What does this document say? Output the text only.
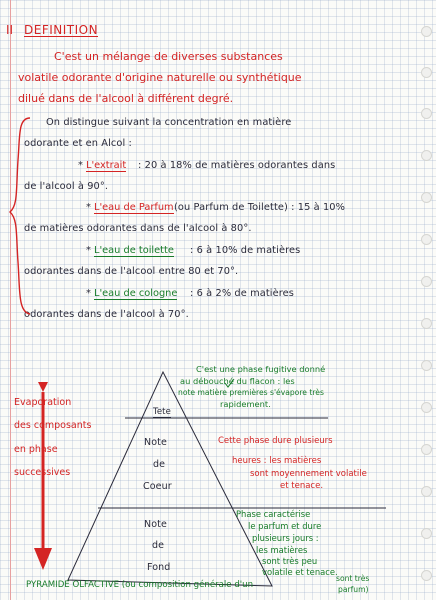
II DEFINITION
C'est un mélange de diverses substances
volatile odorante d'origine naturelle ou synthétique
dilué dans de l'alcool à différent degré.
On distingue suivant la concentration en matière
odorante et en Alcol :
* L'extrait : 20 à 18% de matières odorantes dans
de l'alcool à 90°.
* L'eau de Parfum (ou Parfum de Toilette) : 15 à 10%
de matières odorantes dans de l'alcool à 80°.
* L'eau de toilette : 6 à 10% de matières
odorantes dans de l'alcool entre 80 et 70°.
* L'eau de cologne : 6 à 2% de matières
odorantes dans de l'alcool à 70°.
Evaporation
des composants
en phase
successives
Tete
Note
de
Coeur
Note
de
Fond
C'est une phase fugitive donné
au débouché du flacon : les
note matière premières s'évapore très
rapidement.
Cette phase dure plusieurs
heures : les matières
sont moyennement volatile
et tenace.
Phase caractérise
le parfum et dure
plusieurs jours :
les matières
sont très peu
volatile et tenace.
PYRAMIDE OLFACTIVE (ou composition générale d'un
sont très
parfum)
